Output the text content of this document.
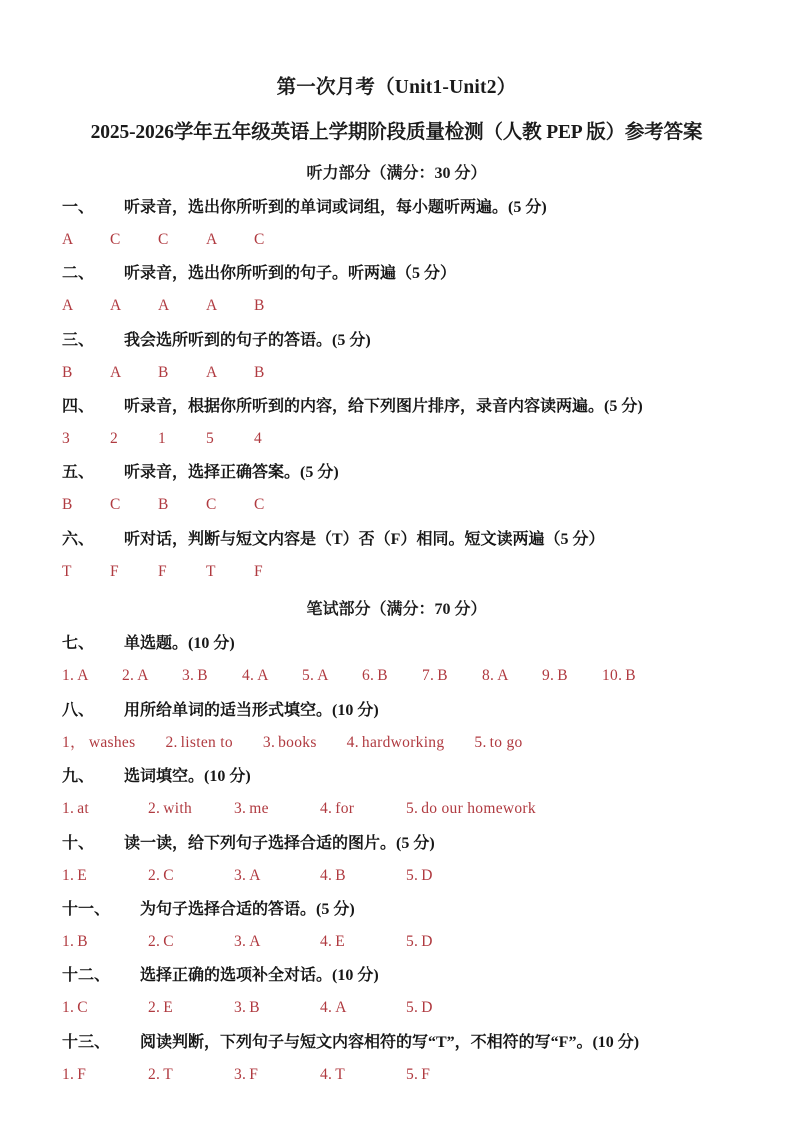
第一次月考（Unit1-Unit2）
2025-2026学年五年级英语上学期阶段质量检测（人教 PEP 版）参考答案
听力部分（满分：30 分）
一、 听录音，选出你所听到的单词或词组，每小题听两遍。(5 分)
A C C A C
二、 听录音，选出你所听到的句子。听两遍（5 分）
A A A A B
三、 我会选所听到的句子的答语。(5 分)
B A B A B
四、 听录音，根据你所听到的内容，给下列图片排序，录音内容读两遍。(5 分)
3	2	1	5	4
五、 听录音，选择正确答案。(5 分)
B C B C C
六、 听对话，判断与短文内容是（T）否（F）相同。短文读两遍（5 分）
T F	F	T F
笔试部分（满分：70 分）
七、 单选题。(10 分)
1. A 2. A 3. B 4. A 5. A 6. B 7. B 8. A 9. B 10. B
八、 用所给单词的适当形式填空。(10 分)
1， washes 2. listen to 3. books 4. hardworking 5. to go
九、 选词填空。(10 分)
1. at	2. with	3. me	4. for	5. do our homework
十、 读一读，给下列句子选择合适的图片。(5 分)
1. E	2. C	3. A	4. B	5. D
十一、 为句子选择合适的答语。(5 分)
1. B	2. C	3. A	4. E	5. D
十二、 选择正确的选项补全对话。(10 分)
1. C	2. E	3. B	4. A	5. D
十三、 阅读判断，下列句子与短文内容相符的写“T”，不相符的写“F”。(10 分)
1. F	2. T	3. F	4. T	5. F
